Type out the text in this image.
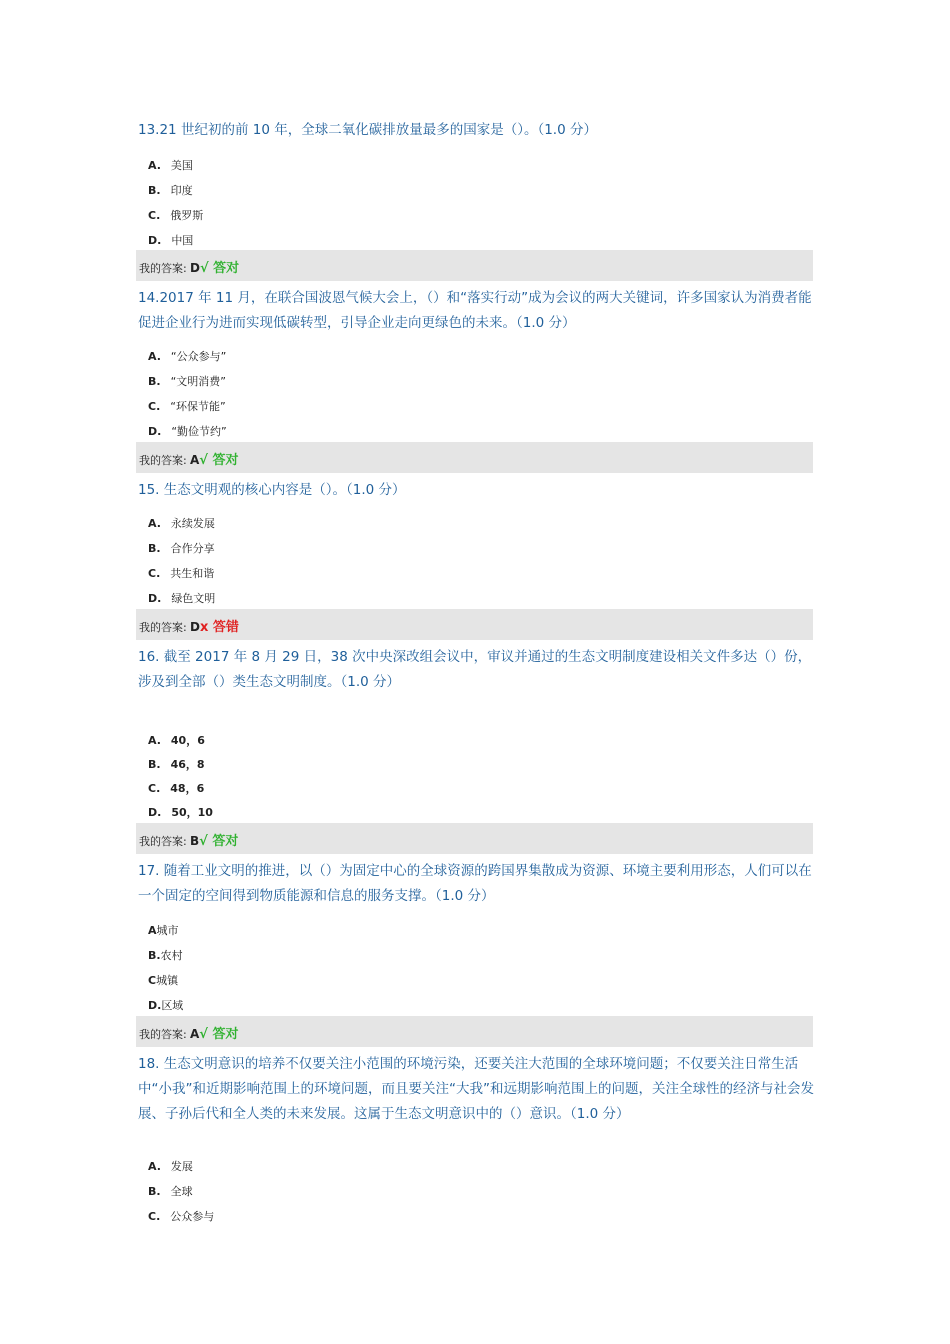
13.21 世纪初的前 10 年，全球二氧化碳排放量最多的国家是（）。（1.0 分）
A. 美国
B. 印度
C. 俄罗斯
D. 中国
我的答案: D√ 答对
14.2017 年 11 月，在联合国波恩气候大会上，（）和“落实行动”成为会议的两大关键词，许多国家认为消费者能促进企业行为进而实现低碳转型，引导企业走向更绿色的未来。（1.0 分）
A. “公众参与”
B. “文明消费”
C. “环保节能”
D. “勤俭节约”
我的答案: A√ 答对
15. 生态文明观的核心内容是（）。（1.0 分）
A. 永续发展
B. 合作分享
C. 共生和谐
D. 绿色文明
我的答案: Dx 答错
16. 截至 2017 年 8 月 29 日，38 次中央深改组会议中，审议并通过的生态文明制度建设相关文件多达（）份，
涉及到全部（）类生态文明制度。（1.0 分）
A. 40，6
B. 46，8
C. 48，6
D. 50，10
我的答案: B√ 答对
17. 随着工业文明的推进，以（）为固定中心的全球资源的跨国界集散成为资源、环境主要利用形态，人们可以在一个固定的空间得到物质能源和信息的服务支撑。（1.0 分）
A城市
B.农村
C城镇
D.区域
我的答案: A√ 答对
18. 生态文明意识的培养不仅要关注小范围的环境污染，还要关注大范围的全球环境问题；不仅要关注日常生活中“小我”和近期影响范围上的环境问题，而且要关注“大我”和远期影响范围上的问题，关注全球性的经济与社会发展、子孙后代和全人类的未来发展。这属于生态文明意识中的（）意识。（1.0 分）
A. 发展
B. 全球
C. 公众参与
